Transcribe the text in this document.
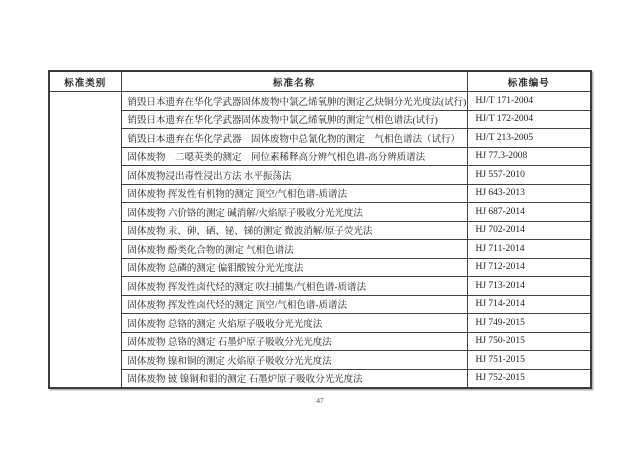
标准类别	标准名称	标准编号
	销毁日本遗弃在华化学武器固体废物中氯乙烯氧胂的测定乙炔铜分光光度法(试行)	HJ/T 171-2004
	销毁日本遗弃在华化学武器固体废物中氯乙烯氧胂的测定气相色谱法(试行)	HJ/T 172-2004
	销毁日本遗弃在华化学武器　固体废物中总氰化物的测定　气相色谱法（试行）	HJ/T 213-2005
	固体废物　二噁英类的测定　同位素稀释高分辨气相色谱-高分辨质谱法	HJ 77.3-2008
	固体废物浸出毒性浸出方法 水平振荡法	HJ 557-2010
	固体废物 挥发性有机物的测定 顶空/气相色谱-质谱法	HJ 643-2013
	固体废物 六价铬的测定 碱消解/火焰原子吸收分光光度法	HJ 687-2014
	固体废物 汞、砷、硒、铋、锑的测定 微波消解/原子荧光法	HJ 702-2014
	固体废物 酚类化合物的测定 气相色谱法	HJ 711-2014
	固体废物 总磷的测定 偏钼酸铵分光光度法	HJ 712-2014
	固体废物 挥发性卤代烃的测定 吹扫捕集/气相色谱-质谱法	HJ 713-2014
	固体废物 挥发性卤代烃的测定 顶空/气相色谱-质谱法	HJ 714-2014
	固体废物 总铬的测定 火焰原子吸收分光光度法	HJ 749-2015
	固体废物 总铬的测定 石墨炉原子吸收分光光度法	HJ 750-2015
	固体废物 镍和铜的测定 火焰原子吸收分光光度法	HJ 751-2015
	固体废物 铍 镍铜和钼的测定 石墨炉原子吸收分光光度法	HJ 752-2015
47
